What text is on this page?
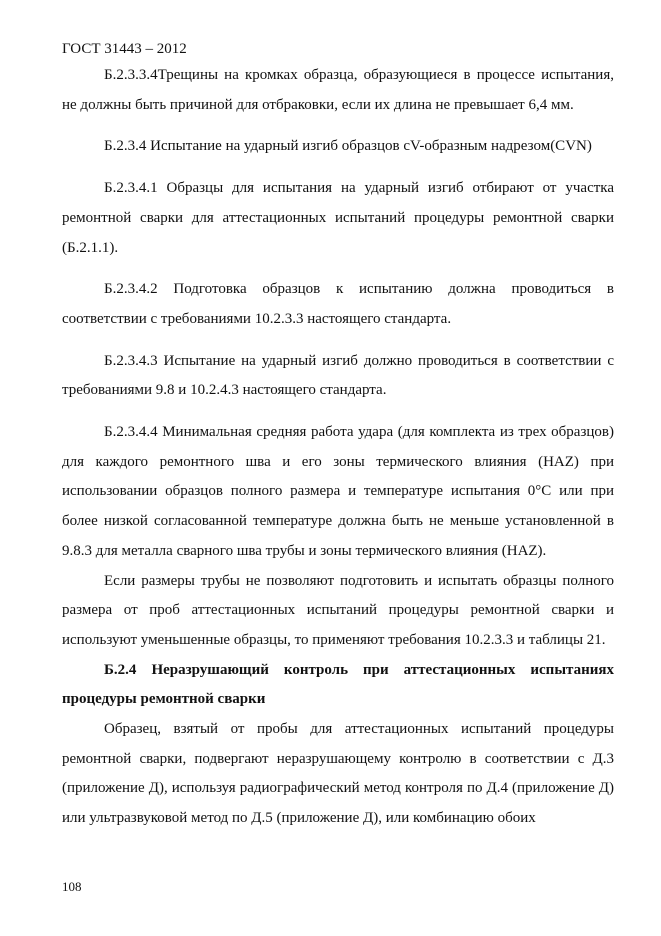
ГОСТ 31443 – 2012

Б.2.3.3.4Трещины на кромках образца, образующиеся в процессе испытания, не должны быть причиной для отбраковки, если их длина не превышает 6,4 мм.

Б.2.3.4 Испытание на ударный изгиб образцов сV-образным надрезом(CVN)

Б.2.3.4.1 Образцы для испытания на ударный изгиб отбирают от участка ремонтной сварки для аттестационных испытаний процедуры ремонтной сварки (Б.2.1.1).

Б.2.3.4.2 Подготовка образцов к испытанию должна проводиться в соответствии с требованиями 10.2.3.3 настоящего стандарта.

Б.2.3.4.3 Испытание на ударный изгиб должно проводиться в соответствии с требованиями 9.8 и 10.2.4.3 настоящего стандарта.

Б.2.3.4.4 Минимальная средняя работа удара (для комплекта из трех образцов) для каждого ремонтного шва и его зоны термического влияния (HAZ) при использовании образцов полного размера и температуре испытания 0°С или при более низкой согласованной температуре должна быть не меньше установленной в 9.8.3 для металла сварного шва трубы и зоны термического влияния (HAZ).

Если размеры трубы не позволяют подготовить и испытать образцы полного размера от проб аттестационных испытаний процедуры ремонтной сварки и используют уменьшенные образцы, то применяют требования 10.2.3.3 и таблицы 21.

Б.2.4 Неразрушающий контроль при аттестационных испытаниях процедуры ремонтной сварки

Образец, взятый от пробы для аттестационных испытаний процедуры ремонтной сварки, подвергают неразрушающему контролю в соответствии с Д.3 (приложение Д), используя радиографический метод контроля по Д.4 (приложение Д) или ультразвуковой метод по Д.5 (приложение Д), или комбинацию обоих

108
